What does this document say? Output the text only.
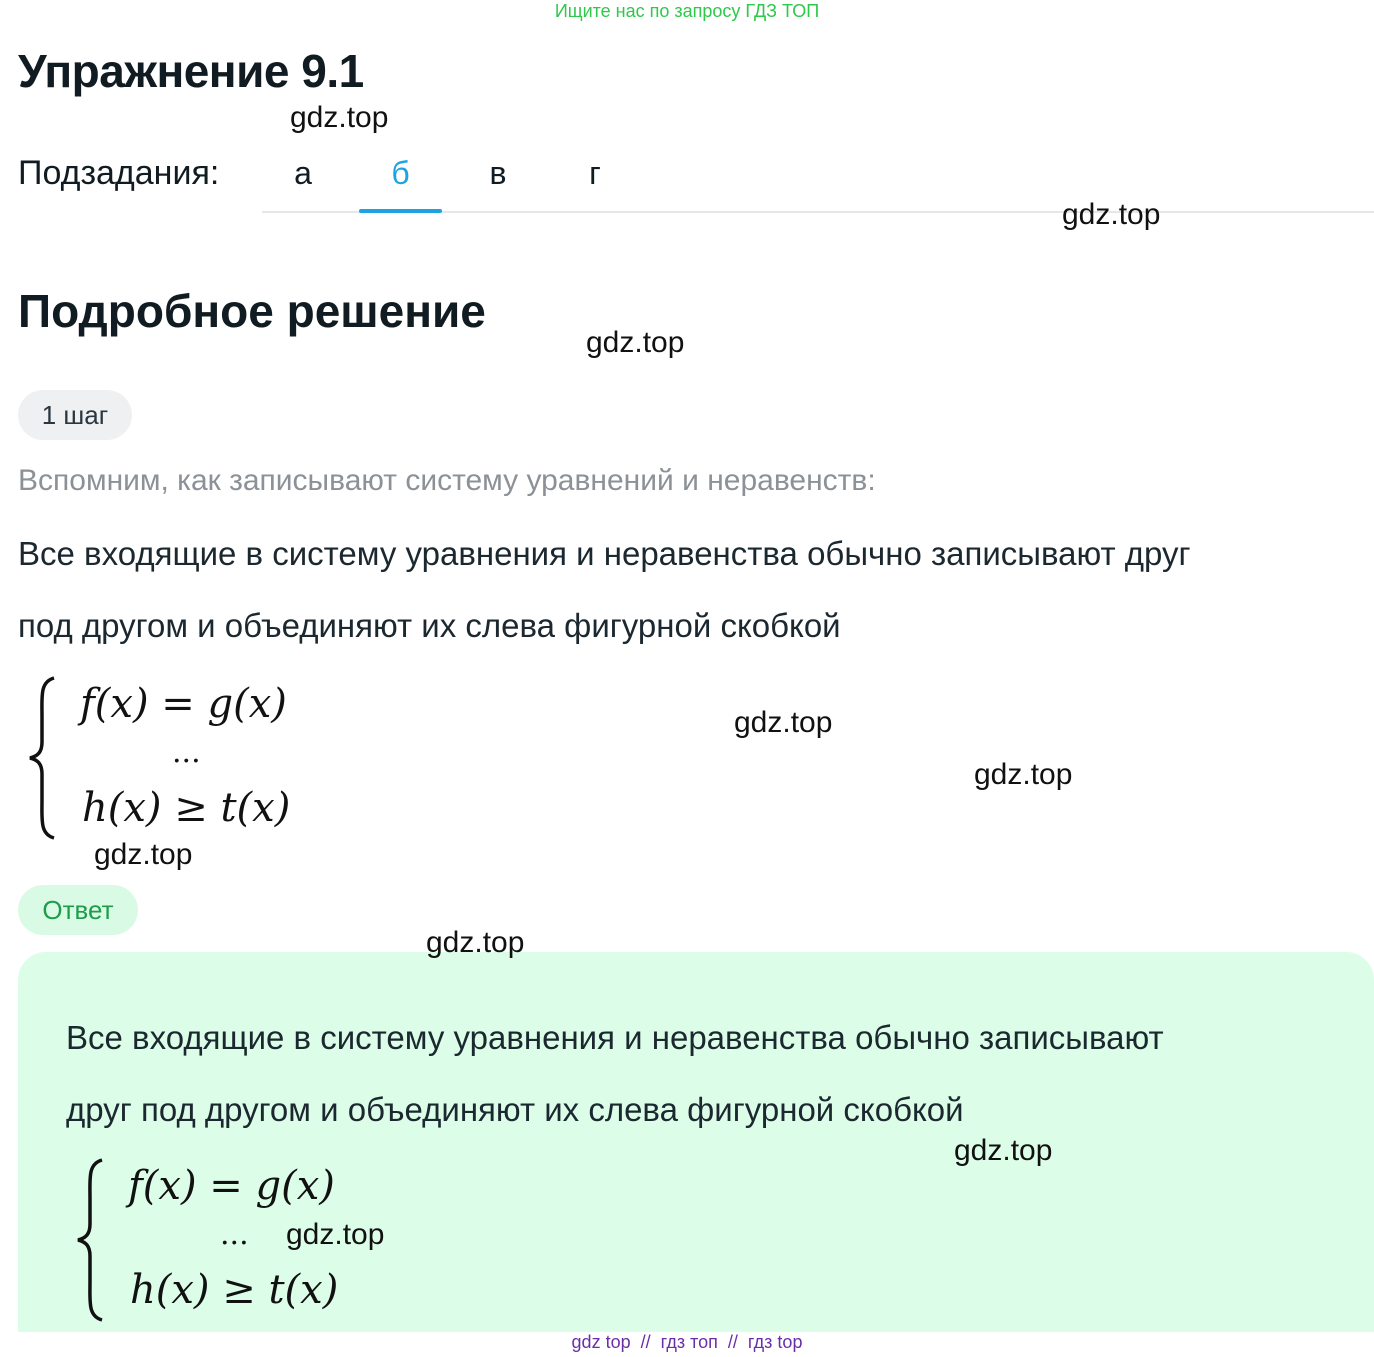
Ищите нас по запросу ГДЗ ТОП
Упражнение 9.1
gdz.top
Подзадания:	а	б	в	г
gdz.top
Подробное решение
gdz.top
1 шаг
Вспомним, как записывают систему уравнений и неравенств:
Все входящие в систему уравнения и неравенства обычно записывают друг
под другом и объединяют их слева фигурной скобкой
f(x) = g(x)
...
h(x) ≥ t(x)
gdz.top
gdz.top
gdz.top
Ответ
gdz.top
Все входящие в систему уравнения и неравенства обычно записывают
друг под другом и объединяют их слева фигурной скобкой
gdz.top
f(x) = g(x)
...
h(x) ≥ t(x)
gdz.top
gdz top  //  гдз топ  //  гдз top
